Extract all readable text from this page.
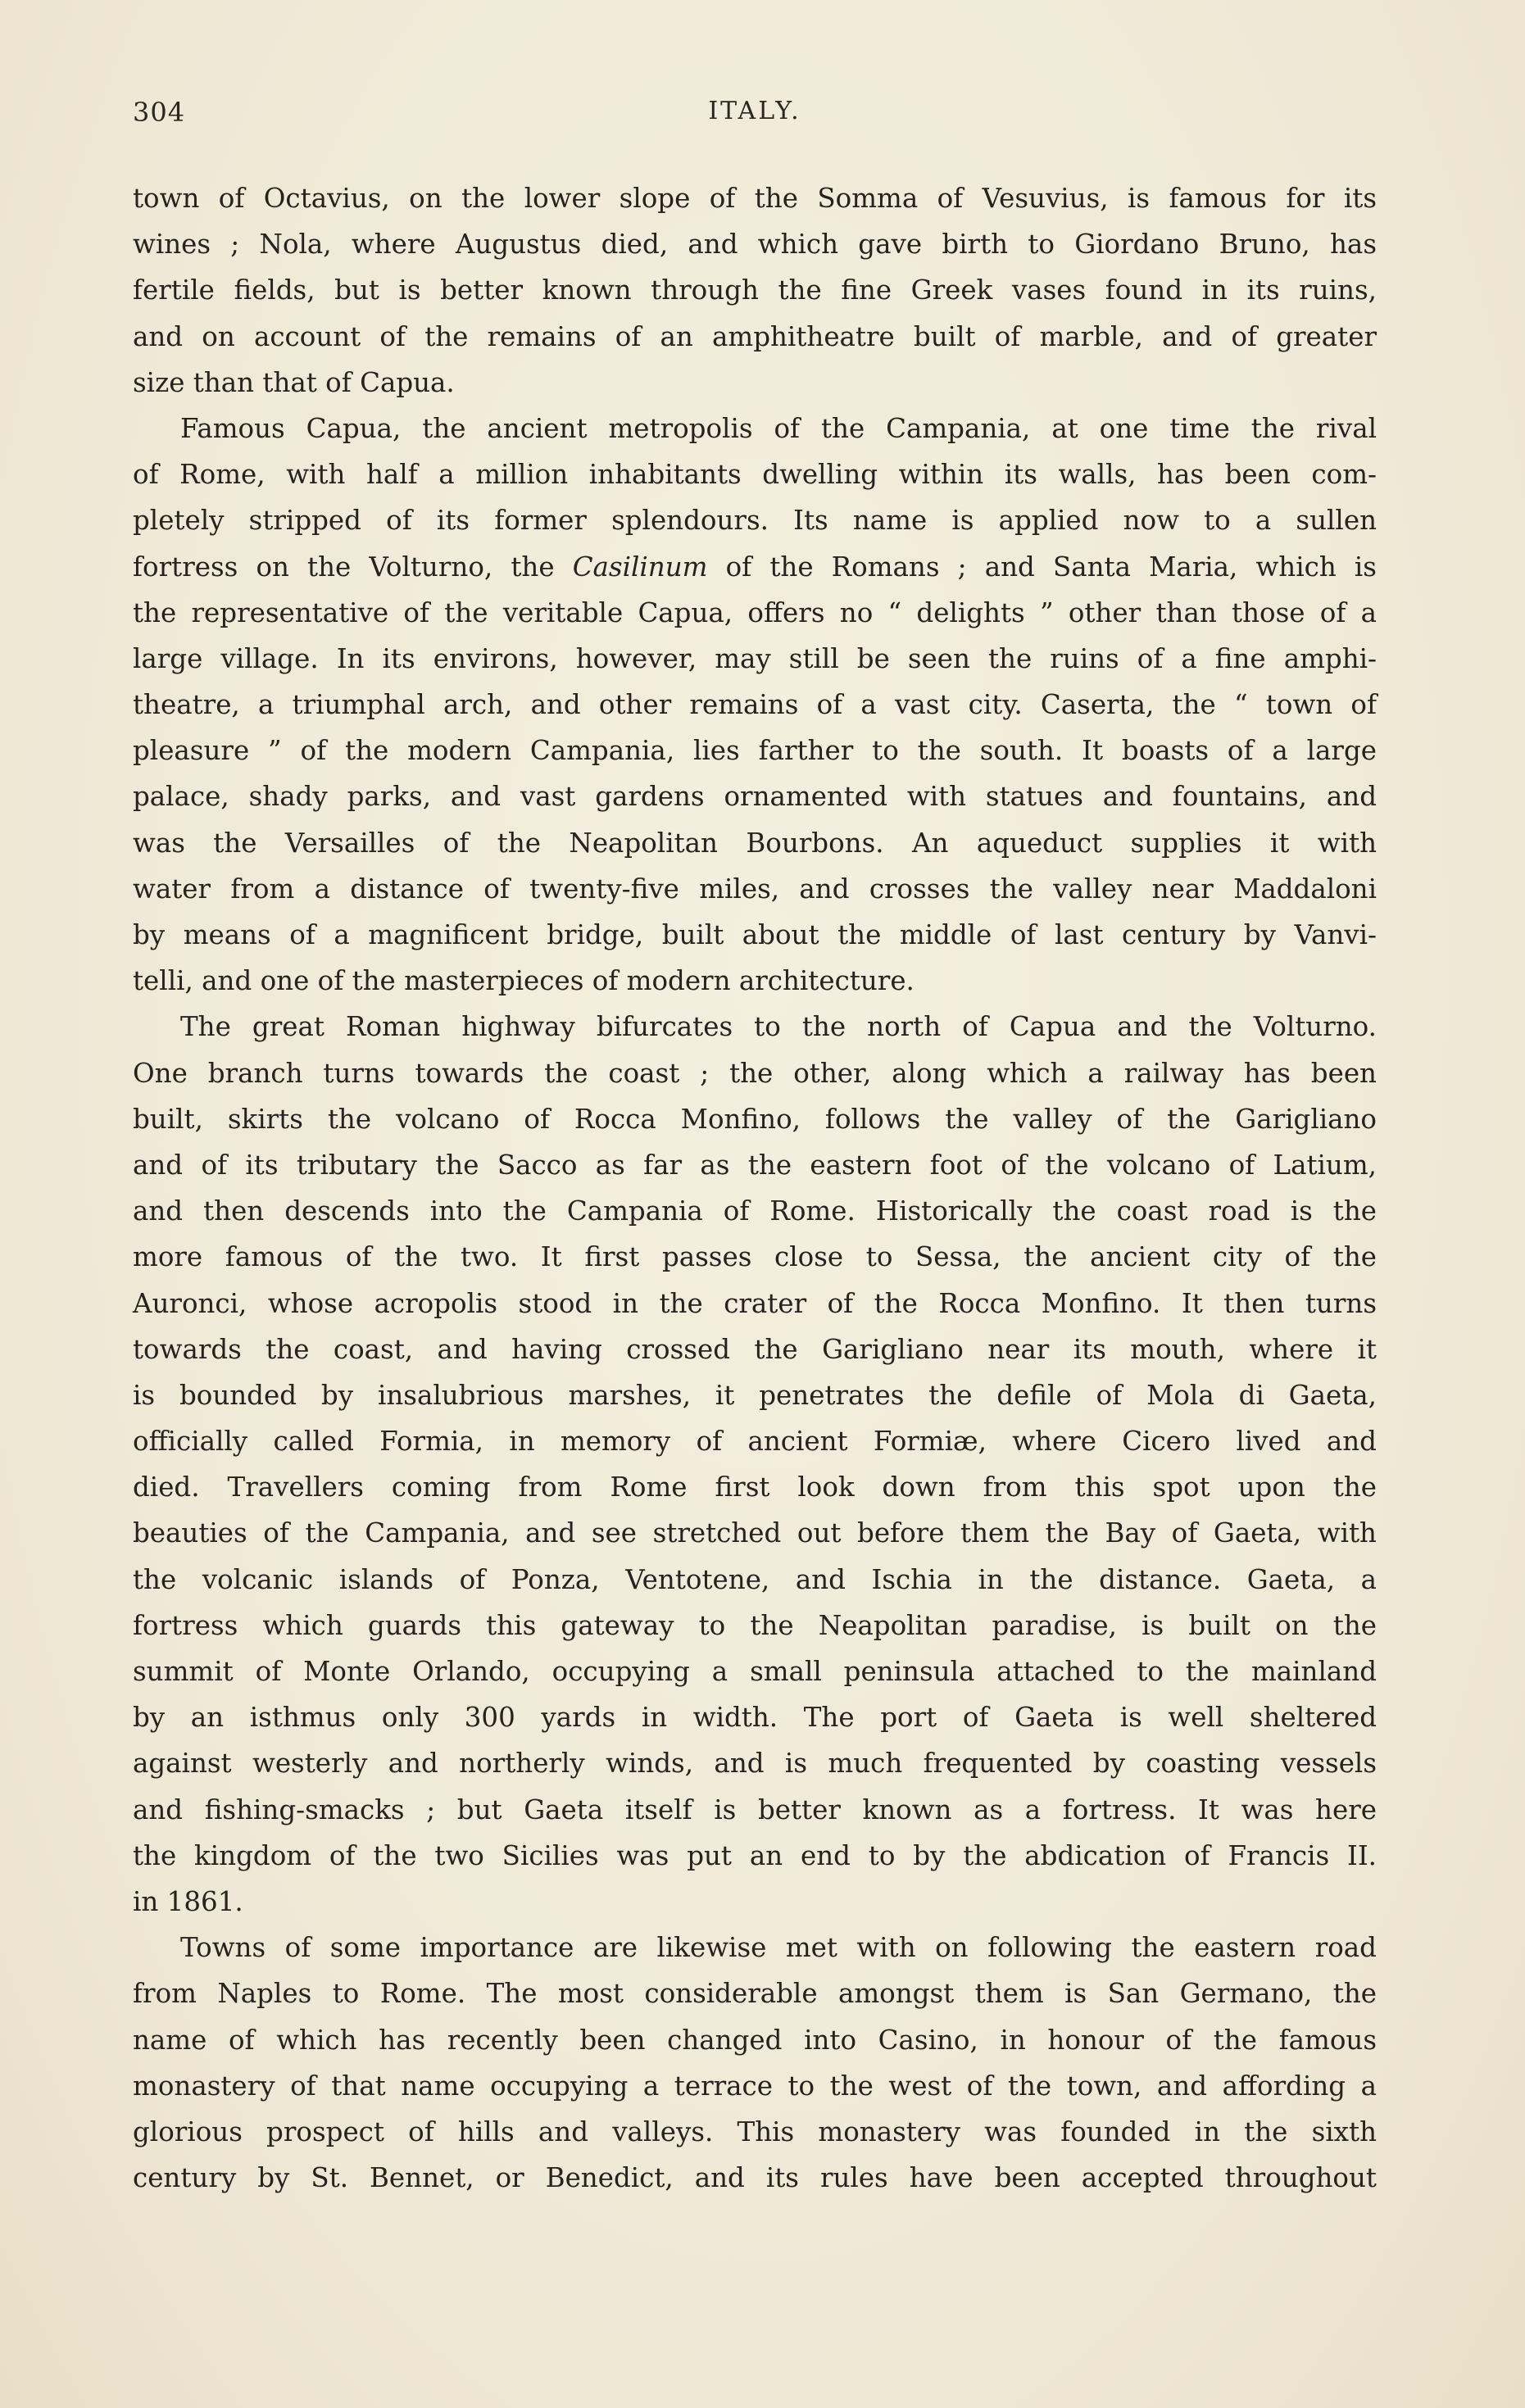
304	ITALY.
town of Octavius, on the lower slope of the Somma of Vesuvius, is famous for its
wines ; Nola, where Augustus died, and which gave birth to Giordano Bruno, has
fertile fields, but is better known through the fine Greek vases found in its ruins,
and on account of the remains of an amphitheatre built of marble, and of greater
size than that of Capua.
Famous Capua, the ancient metropolis of the Campania, at one time the rival
of Rome, with half a million inhabitants dwelling within its walls, has been com-
pletely stripped of its former splendours. Its name is applied now to a sullen
fortress on the Volturno, the Casilinum of the Romans ; and Santa Maria, which is
the representative of the veritable Capua, offers no “ delights ” other than those of a
large village. In its environs, however, may still be seen the ruins of a fine amphi-
theatre, a triumphal arch, and other remains of a vast city. Caserta, the “ town of
pleasure ” of the modern Campania, lies farther to the south. It boasts of a large
palace, shady parks, and vast gardens ornamented with statues and fountains, and
was the Versailles of the Neapolitan Bourbons. An aqueduct supplies it with
water from a distance of twenty-five miles, and crosses the valley near Maddaloni
by means of a magnificent bridge, built about the middle of last century by Vanvi-
telli, and one of the masterpieces of modern architecture.
The great Roman highway bifurcates to the north of Capua and the Volturno.
One branch turns towards the coast ; the other, along which a railway has been
built, skirts the volcano of Rocca Monfino, follows the valley of the Garigliano
and of its tributary the Sacco as far as the eastern foot of the volcano of Latium,
and then descends into the Campania of Rome. Historically the coast road is the
more famous of the two. It first passes close to Sessa, the ancient city of the
Auronci, whose acropolis stood in the crater of the Rocca Monfino. It then turns
towards the coast, and having crossed the Garigliano near its mouth, where it
is bounded by insalubrious marshes, it penetrates the defile of Mola di Gaeta,
officially called Formia, in memory of ancient Formiæ, where Cicero lived and
died. Travellers coming from Rome first look down from this spot upon the
beauties of the Campania, and see stretched out before them the Bay of Gaeta, with
the volcanic islands of Ponza, Ventotene, and Ischia in the distance. Gaeta, a
fortress which guards this gateway to the Neapolitan paradise, is built on the
summit of Monte Orlando, occupying a small peninsula attached to the mainland
by an isthmus only 300 yards in width. The port of Gaeta is well sheltered
against westerly and northerly winds, and is much frequented by coasting vessels
and fishing-smacks ; but Gaeta itself is better known as a fortress. It was here
the kingdom of the two Sicilies was put an end to by the abdication of Francis II.
in 1861.
Towns of some importance are likewise met with on following the eastern road
from Naples to Rome. The most considerable amongst them is San Germano, the
name of which has recently been changed into Casino, in honour of the famous
monastery of that name occupying a terrace to the west of the town, and affording a
glorious prospect of hills and valleys. This monastery was founded in the sixth
century by St. Bennet, or Benedict, and its rules have been accepted throughout
